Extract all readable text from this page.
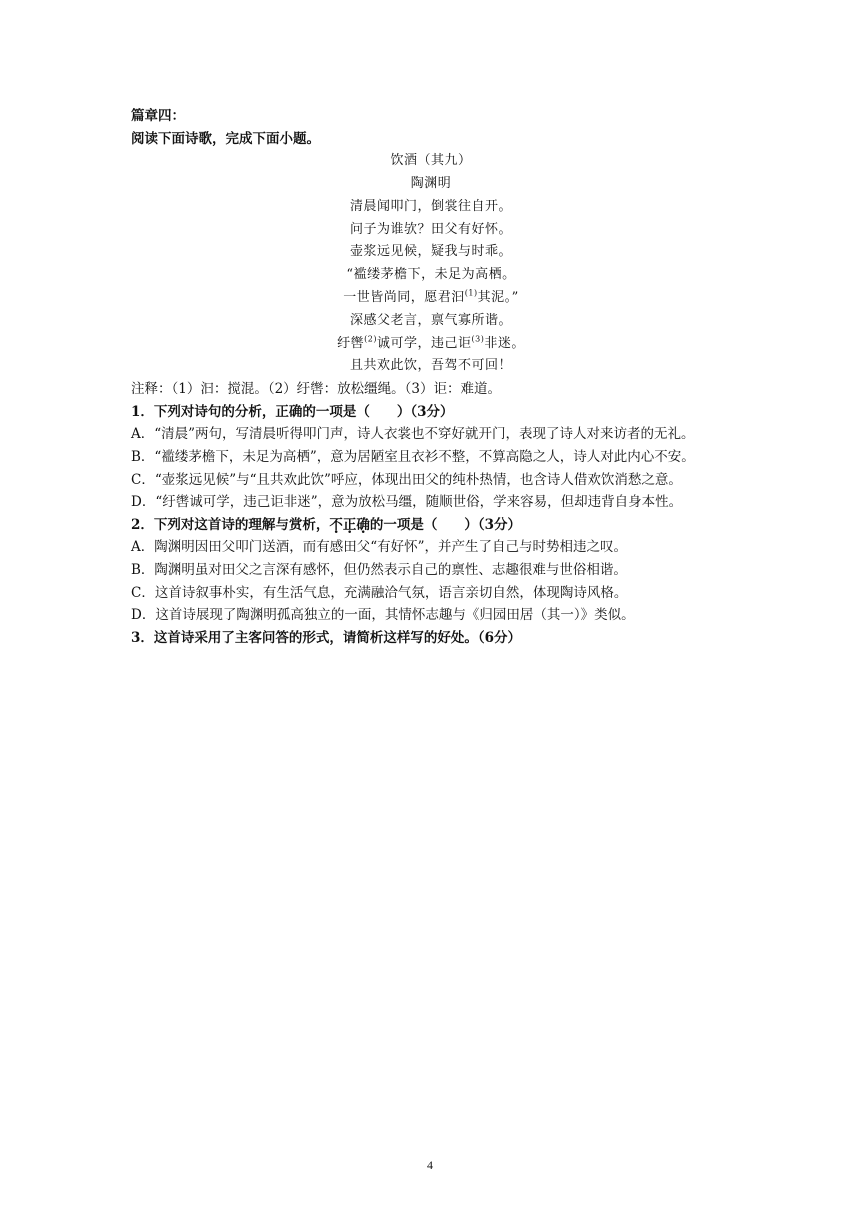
篇章四：
阅读下面诗歌，完成下面小题。
饮酒（其九）
陶渊明
清晨闻叩门，倒裳往自开。
问子为谁欤？田父有好怀。
壶浆远见候，疑我与时乖。
“褴缕茅檐下，未足为高栖。
一世皆尚同，愿君汩$^{(1)}$其泥。”
深感父老言，禀气寡所谐。
纡辔$^{(2)}$诚可学，违己讵$^{(3)}$非迷。
且共欢此饮，吾驾不可回！
注释：（1）汩：搅混。（2）纡辔：放松缰绳。（3）讵：难道。
1．下列对诗句的分析，正确的一项是（　　）（3分）
A．“清晨”两句，写清晨听得叩门声，诗人衣裳也不穿好就开门，表现了诗人对来访者的无礼。
B．“褴缕茅檐下，未足为高栖”，意为居陋室且衣衫不整，不算高隐之人，诗人对此内心不安。
C．“壶浆远见候”与“且共欢此饮”呼应，体现出田父的纯朴热情，也含诗人借欢饮消愁之意。
D．“纡辔诚可学，违己讵非迷”，意为放松马缰，随顺世俗，学来容易，但却违背自身本性。
2．下列对这首诗的理解与赏析，不正确的一项是（　　）（3分）
A．陶渊明因田父叩门送酒，而有感田父“有好怀”，并产生了自己与时势相违之叹。
B．陶渊明虽对田父之言深有感怀，但仍然表示自己的禀性、志趣很难与世俗相谐。
C．这首诗叙事朴实，有生活气息，充满融洽气氛，语言亲切自然，体现陶诗风格。
D．这首诗展现了陶渊明孤高独立的一面，其情怀志趣与《归园田居（其一）》类似。
3．这首诗采用了主客问答的形式，请简析这样写的好处。（6分）
4
